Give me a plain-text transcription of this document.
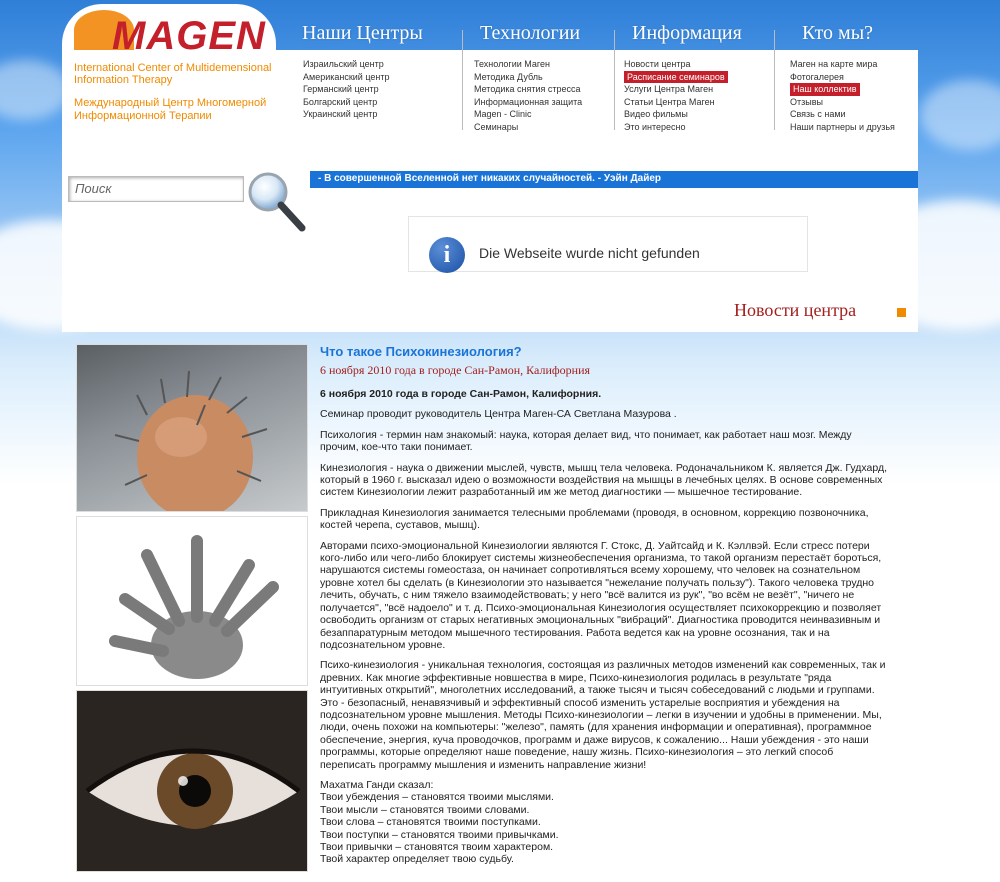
MAGEN
International Center of Multidemensional Information Therapy
Международный Центр Многомерной Информационной Терапии
Наши Центры	Технологии	Информация	Кто мы?
Израильский центр
Американский центр
Германский центр
Болгарский центр
Украинский центр
Технологии Маген
Методика Дубль
Методика снятия стресса
Информационная защита
Magen - Clinic
Семинары
Новости центра
Расписание семинаров
Услуги Центра Маген
Статьи Центра Маген
Видео фильмы
Это интересно
Маген на карте мира
Фотогалерея
Наш коллектив
Отзывы
Связь с нами
Наши партнеры и друзья
Поиск
- В совершенной Вселенной нет никаких случайностей. - Уэйн Дайер
i	Die Webseite wurde nicht gefunden
Новости центра
Что такое Психокинезиология?
6 ноября 2010 года в городе Сан-Рамон, Калифорния

6 ноября 2010 года в городе Сан-Рамон, Калифорния.

Семинар проводит руководитель Центра Маген-СА Светлана Мазурова .

Психология - термин нам знакомый: наука, которая делает вид, что понимает, как работает наш мозг. Между прочим, кое-что таки понимает.

Кинезиология - наука о движении мыслей, чувств, мышц тела человека. Родоначальником К. является Дж. Гудхард, который в 1960 г. высказал идею о возможности воздействия на мышцы в лечебных целях. В основе современных систем Кинезиологии лежит разработанный им же метод диагностики — мышечное тестирование.

Прикладная Кинезиология занимается телесными проблемами (проводя, в основном, коррекцию позвоночника, костей черепа, суставов, мышц).

Авторами психо-эмоциональной Кинезиологии являются Г. Стокс, Д. Уайтсайд и К. Кэллвэй. Если стресс потери кого-либо или чего-либо блокирует системы жизнеобеспечения организма, то такой организм перестаёт бороться, нарушаются системы гомеостаза, он начинает сопротивляться всему хорошему, что человек на сознательном уровне хотел бы сделать (в Кинезиологии это называется "нежелание получать пользу"). Такого человека трудно лечить, обучать, с ним тяжело взаимодействовать; у него "всё валится из рук", "во всём не везёт", "ничего не получается", "всё надоело" и т. д. Психо-эмоциональная Кинезиология осуществляет психокоррекцию и позволяет освободить организм от старых негативных эмоциональных "вибраций". Диагностика проводится неинвазивным и безаппаратурным методом мышечного тестирования. Работа ведется как на уровне осознания, так и на подсознательном уровне.

Психо-кинезиология - уникальная технология, состоящая из различных методов изменений как современных, так и древних. Как многие эффективные новшества в мире, Психо-кинезиология родилась в результате "ряда интуитивных открытий", многолетних исследований, а также тысяч и тысяч собеседований с людьми и группами. Это - безопасный, ненавязчивый и эффективный способ изменить устарелые восприятия и убеждения на подсознательном уровне мышления. Методы Психо-кинезиологии – легки в изучении и удобны в применении. Мы, люди, очень похожи на компьютеры: "железо", память (для хранения информации и оперативная), программное обеспечение, энергия, куча проводочков, программ и даже вирусов, к сожалению... Наши убеждения - это наши программы, которые определяют наше поведение, нашу жизнь. Психо-кинезиология – это легкий способ переписать программу мышления и изменить направление жизни!

Махатма Ганди сказал:
Твои убеждения – становятся твоими мыслями.
Твои мысли – становятся твоими словами.
Твои слова – становятся твоими поступками.
Твои поступки – становятся твоими привычками.
Твои привычки – становятся твоим характером.
Твой характер определяет твою судьбу.
